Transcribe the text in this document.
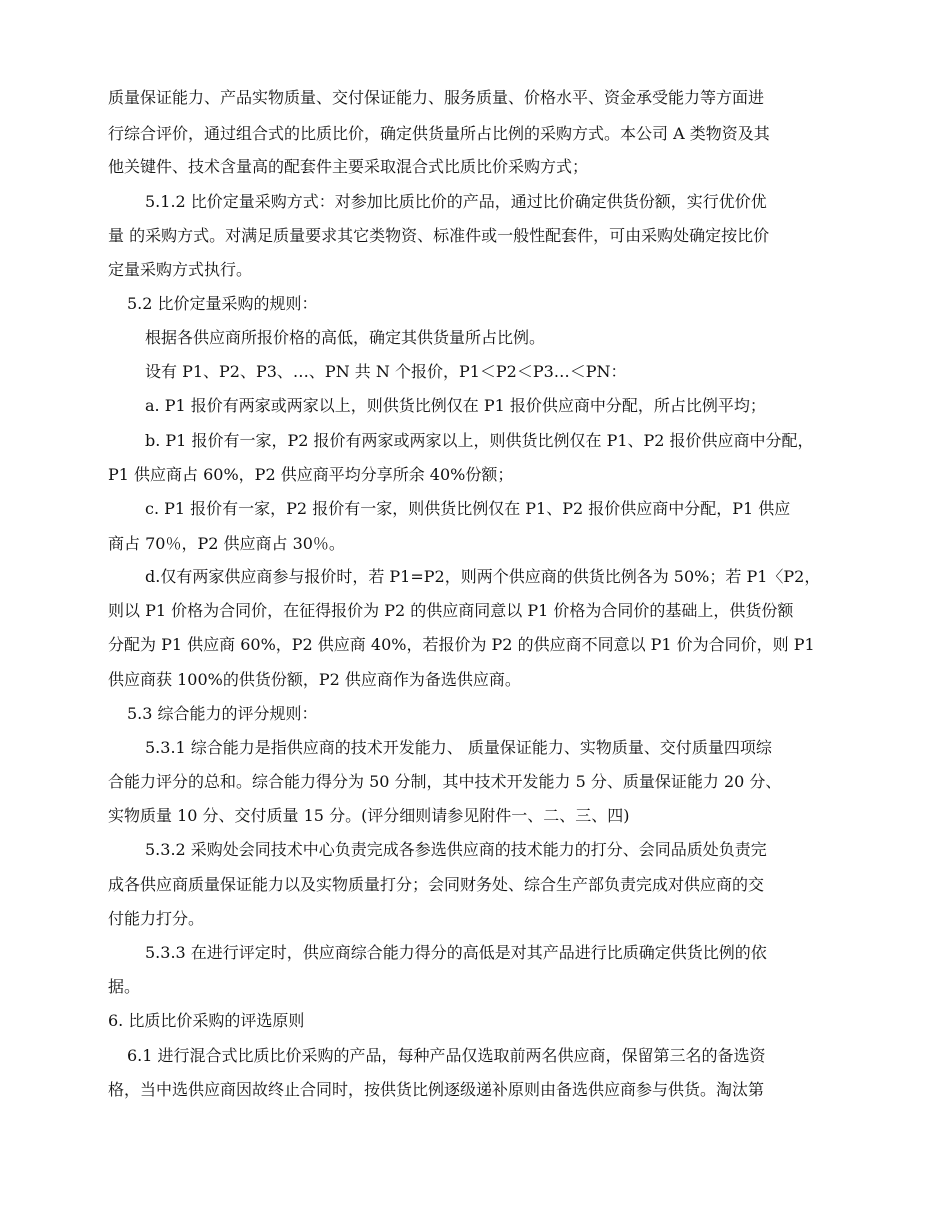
质量保证能力、产品实物质量、交付保证能力、服务质量、价格水平、资金承受能力等方面进
行综合评价，通过组合式的比质比价，确定供货量所占比例的采购方式。本公司 A 类物资及其
他关键件、技术含量高的配套件主要采取混合式比质比价采购方式；
5.1.2 比价定量采购方式：对参加比质比价的产品，通过比价确定供货份额，实行优价优
量 的采购方式。对满足质量要求其它类物资、标准件或一般性配套件，可由采购处确定按比价
定量采购方式执行。
5.2 比价定量采购的规则：
根据各供应商所报价格的高低，确定其供货量所占比例。
设有 P1、P2、P3、…、PN 共 N 个报价，P1＜P2＜P3…＜PN：
a. P1 报价有两家或两家以上，则供货比例仅在 P1 报价供应商中分配，所占比例平均；
b. P1 报价有一家，P2 报价有两家或两家以上，则供货比例仅在 P1、P2 报价供应商中分配，
P1 供应商占 60%，P2 供应商平均分享所余 40%份额；
c. P1 报价有一家，P2 报价有一家，则供货比例仅在 P1、P2 报价供应商中分配，P1 供应
商占 70％，P2 供应商占 30％。
d.仅有两家供应商参与报价时，若 P1=P2，则两个供应商的供货比例各为 50%；若 P1〈P2，
则以 P1 价格为合同价，在征得报价为 P2 的供应商同意以 P1 价格为合同价的基础上，供货份额
分配为 P1 供应商 60%，P2 供应商 40%，若报价为 P2 的供应商不同意以 P1 价为合同价，则 P1
供应商获 100%的供货份额，P2 供应商作为备选供应商。
5.3 综合能力的评分规则：
5.3.1 综合能力是指供应商的技术开发能力、 质量保证能力、实物质量、交付质量四项综
合能力评分的总和。综合能力得分为 50 分制，其中技术开发能力 5 分、质量保证能力 20 分、
实物质量 10 分、交付质量 15 分。(评分细则请参见附件一、二、三、四)
5.3.2 采购处会同技术中心负责完成各参选供应商的技术能力的打分、会同品质处负责完
成各供应商质量保证能力以及实物质量打分；会同财务处、综合生产部负责完成对供应商的交
付能力打分。
5.3.3 在进行评定时，供应商综合能力得分的高低是对其产品进行比质确定供货比例的依
据。
6. 比质比价采购的评选原则
6.1 进行混合式比质比价采购的产品，每种产品仅选取前两名供应商，保留第三名的备选资
格，当中选供应商因故终止合同时，按供货比例逐级递补原则由备选供应商参与供货。淘汰第
